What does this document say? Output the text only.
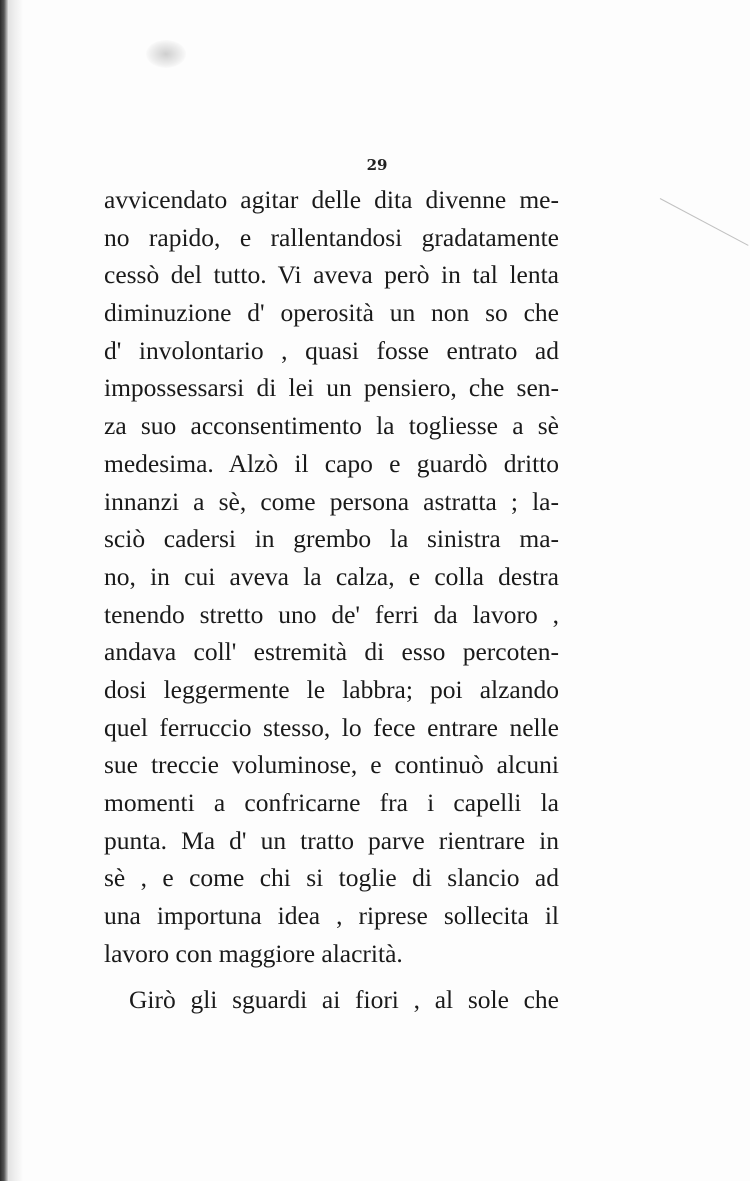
29
avvicendato agitar delle dita divenne me-
no rapido, e rallentandosi gradatamente
cessò del tutto. Vi aveva però in tal lenta
diminuzione d' operosità un non so che
d' involontario , quasi fosse entrato ad
impossessarsi di lei un pensiero, che sen-
za suo acconsentimento la togliesse a sè
medesima. Alzò il capo e guardò dritto
innanzi a sè, come persona astratta ; la-
sciò cadersi in grembo la sinistra ma-
no, in cui aveva la calza, e colla destra
tenendo stretto uno de' ferri da lavoro ,
andava coll' estremità di esso percoten-
dosi leggermente le labbra; poi alzando
quel ferruccio stesso, lo fece entrare nelle
sue treccie voluminose, e continuò alcuni
momenti a confricarne fra i capelli la
punta. Ma d' un tratto parve rientrare in
sè , e come chi si toglie di slancio ad
una importuna idea , riprese sollecita il
lavoro con maggiore alacrità.
Girò gli sguardi ai fiori , al sole che
